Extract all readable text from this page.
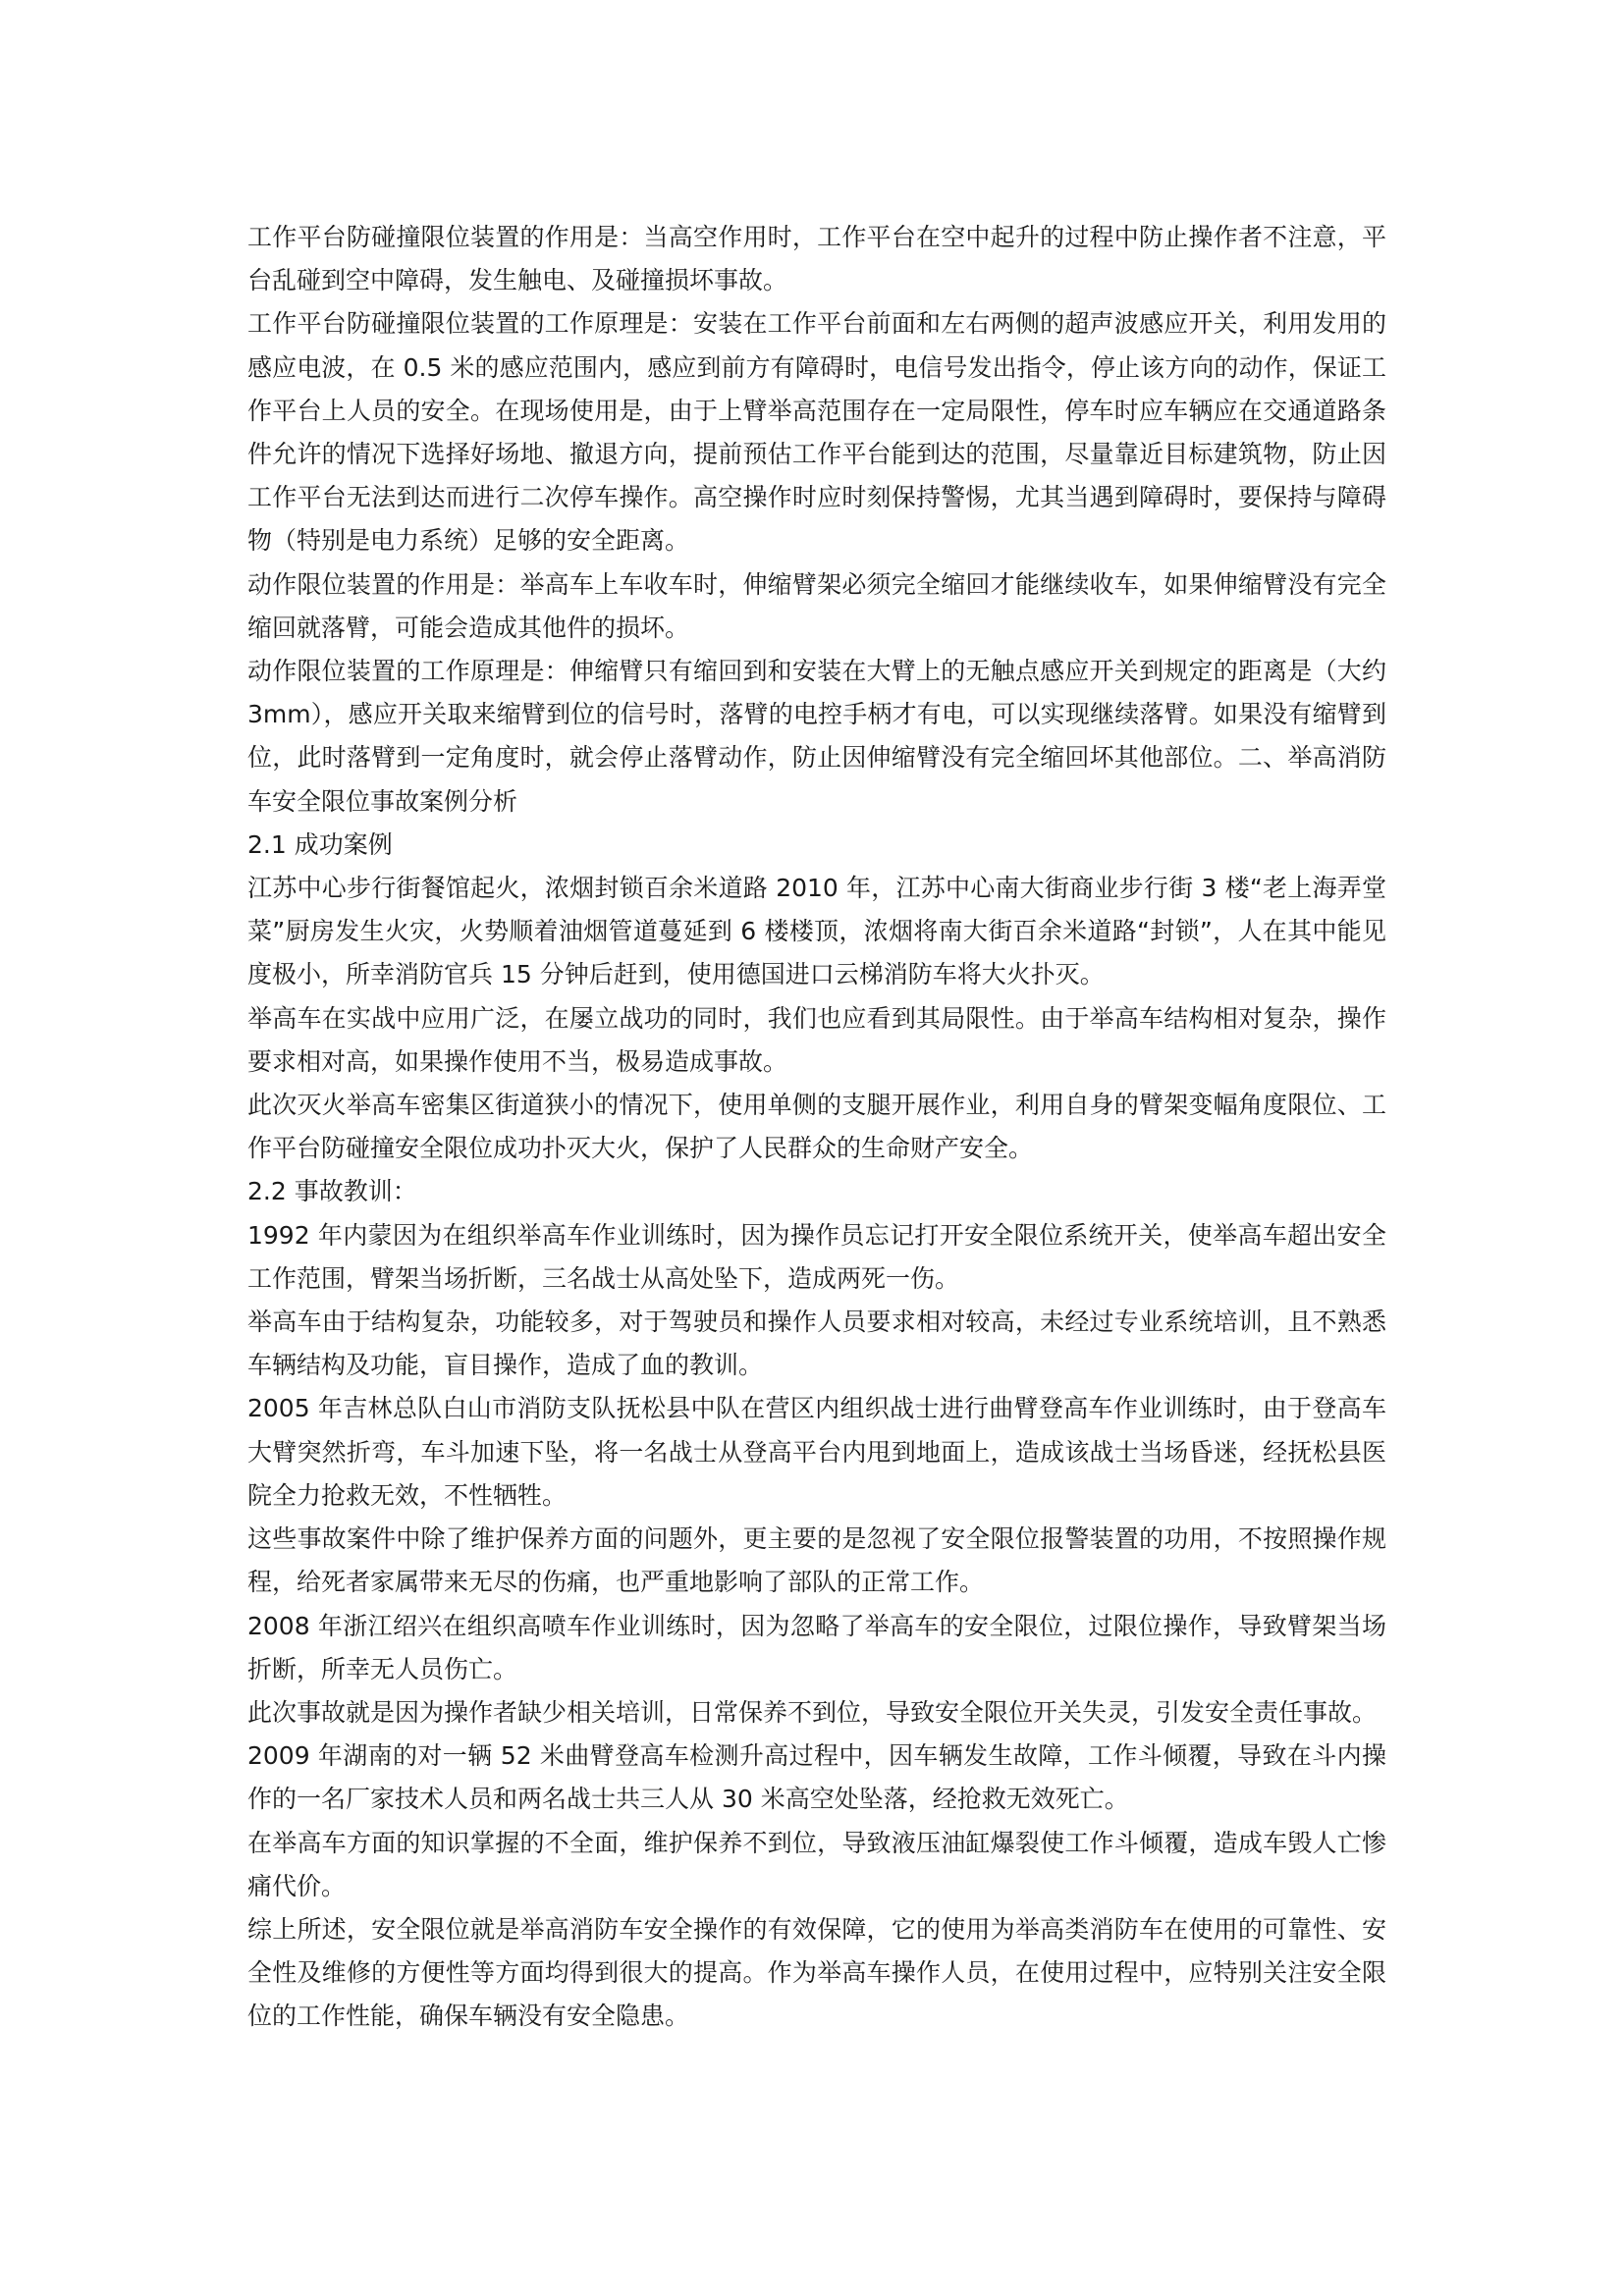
工作平台防碰撞限位装置的作用是：当高空作用时，工作平台在空中起升的过程中防止操作者不注意，平台乱碰到空中障碍，发生触电、及碰撞损坏事故。

工作平台防碰撞限位装置的工作原理是：安装在工作平台前面和左右两侧的超声波感应开关，利用发用的感应电波，在 0.5 米的感应范围内，感应到前方有障碍时，电信号发出指令，停止该方向的动作，保证工作平台上人员的安全。在现场使用是，由于上臂举高范围存在一定局限性，停车时应车辆应在交通道路条件允许的情况下选择好场地、撤退方向，提前预估工作平台能到达的范围，尽量靠近目标建筑物，防止因工作平台无法到达而进行二次停车操作。高空操作时应时刻保持警惕，尤其当遇到障碍时，要保持与障碍物（特别是电力系统）足够的安全距离。

动作限位装置的作用是：举高车上车收车时，伸缩臂架必须完全缩回才能继续收车，如果伸缩臂没有完全缩回就落臂，可能会造成其他件的损坏。

动作限位装置的工作原理是：伸缩臂只有缩回到和安装在大臂上的无触点感应开关到规定的距离是（大约 3mm），感应开关取来缩臂到位的信号时，落臂的电控手柄才有电，可以实现继续落臂。如果没有缩臂到位，此时落臂到一定角度时，就会停止落臂动作，防止因伸缩臂没有完全缩回坏其他部位。二、举高消防车安全限位事故案例分析

2.1 成功案例

江苏中心步行街餐馆起火，浓烟封锁百余米道路 2010 年，江苏中心南大街商业步行街 3 楼“老上海弄堂菜”厨房发生火灾，火势顺着油烟管道蔓延到 6 楼楼顶，浓烟将南大街百余米道路“封锁”，人在其中能见度极小，所幸消防官兵 15 分钟后赶到，使用德国进口云梯消防车将大火扑灭。

举高车在实战中应用广泛，在屡立战功的同时，我们也应看到其局限性。由于举高车结构相对复杂，操作要求相对高，如果操作使用不当，极易造成事故。

此次灭火举高车密集区街道狭小的情况下，使用单侧的支腿开展作业，利用自身的臂架变幅角度限位、工作平台防碰撞安全限位成功扑灭大火，保护了人民群众的生命财产安全。

2.2 事故教训：

1992 年内蒙因为在组织举高车作业训练时，因为操作员忘记打开安全限位系统开关，使举高车超出安全工作范围，臂架当场折断，三名战士从高处坠下，造成两死一伤。

举高车由于结构复杂，功能较多，对于驾驶员和操作人员要求相对较高，未经过专业系统培训，且不熟悉车辆结构及功能，盲目操作，造成了血的教训。

2005 年吉林总队白山市消防支队抚松县中队在营区内组织战士进行曲臂登高车作业训练时，由于登高车大臂突然折弯，车斗加速下坠，将一名战士从登高平台内甩到地面上，造成该战士当场昏迷，经抚松县医院全力抢救无效，不性牺牲。

这些事故案件中除了维护保养方面的问题外，更主要的是忽视了安全限位报警装置的功用，不按照操作规程，给死者家属带来无尽的伤痛，也严重地影响了部队的正常工作。

2008 年浙江绍兴在组织高喷车作业训练时，因为忽略了举高车的安全限位，过限位操作，导致臂架当场折断，所幸无人员伤亡。

此次事故就是因为操作者缺少相关培训，日常保养不到位，导致安全限位开关失灵，引发安全责任事故。

2009 年湖南的对一辆 52 米曲臂登高车检测升高过程中，因车辆发生故障，工作斗倾覆，导致在斗内操作的一名厂家技术人员和两名战士共三人从 30 米高空处坠落，经抢救无效死亡。

在举高车方面的知识掌握的不全面，维护保养不到位，导致液压油缸爆裂使工作斗倾覆，造成车毁人亡惨痛代价。

综上所述，安全限位就是举高消防车安全操作的有效保障，它的使用为举高类消防车在使用的可靠性、安全性及维修的方便性等方面均得到很大的提高。作为举高车操作人员，在使用过程中，应特别关注安全限位的工作性能，确保车辆没有安全隐患。
